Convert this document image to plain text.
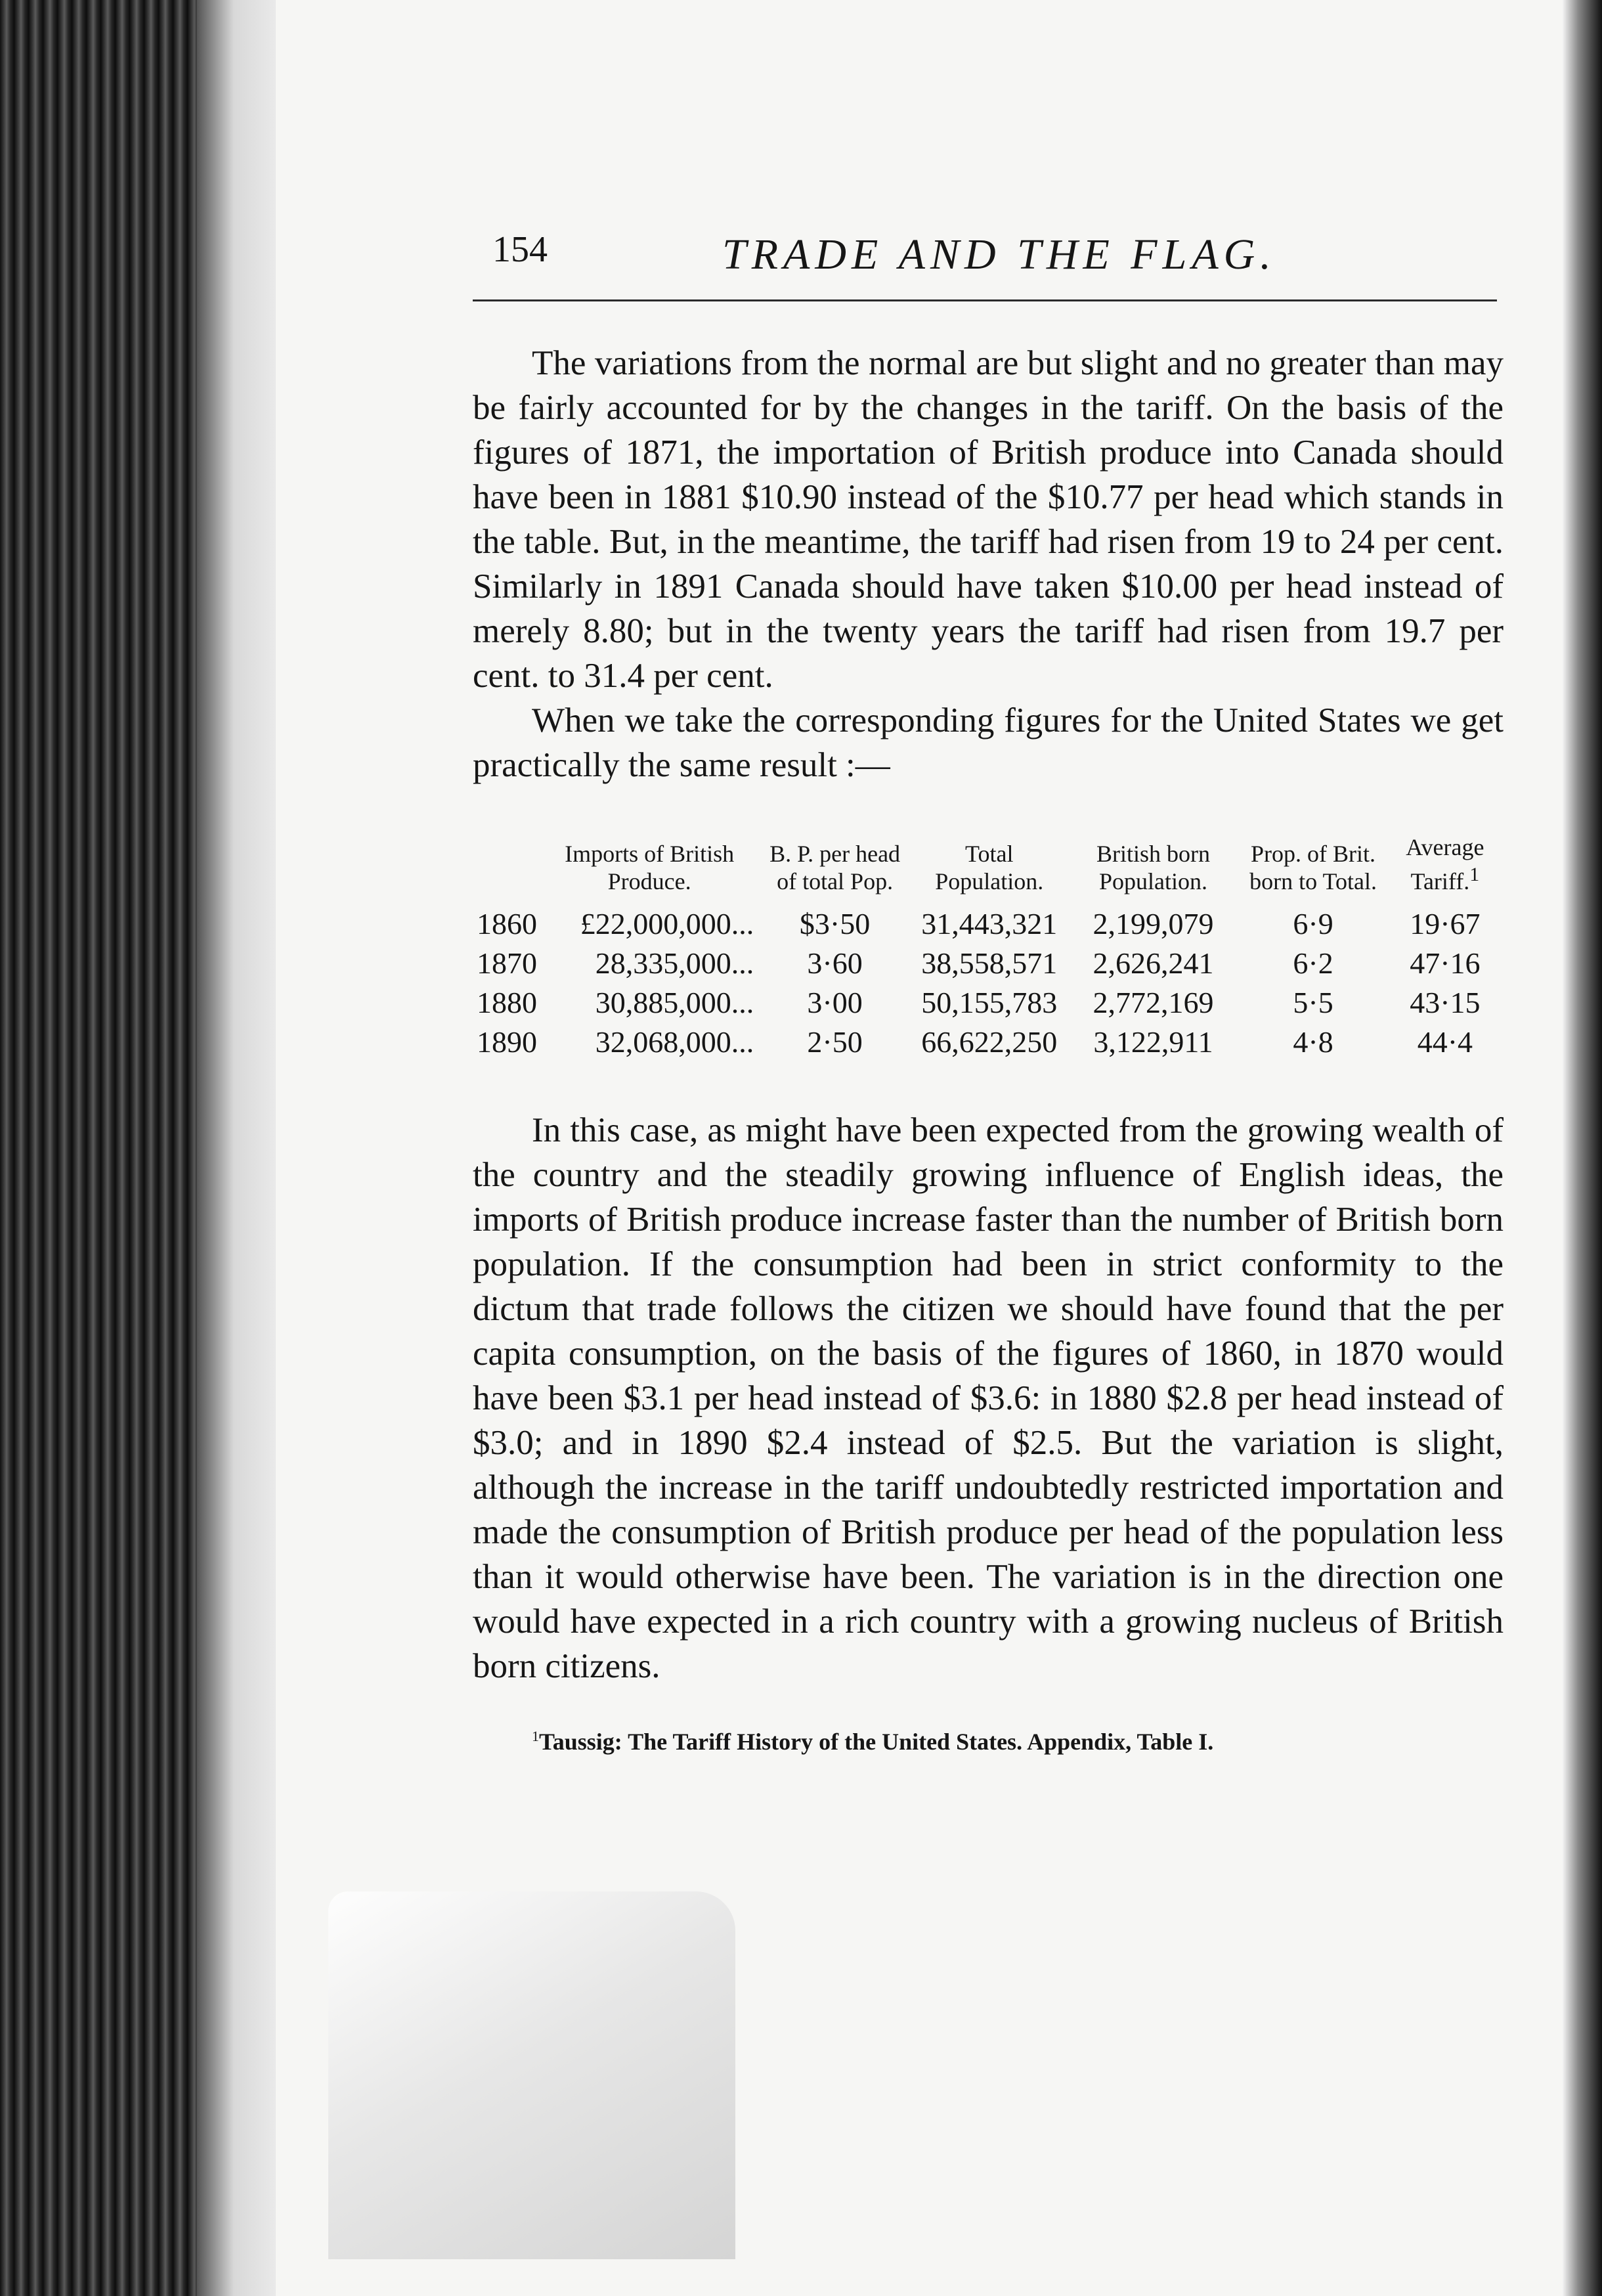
154	TRADE AND THE FLAG.

The variations from the normal are but slight and no greater than may be fairly accounted for by the changes in the tariff. On the basis of the figures of 1871, the importation of British produce into Canada should have been in 1881 $10.90 instead of the $10.77 per head which stands in the table. But, in the meantime, the tariff had risen from 19 to 24 per cent. Similarly in 1891 Canada should have taken $10.00 per head instead of merely 8.80; but in the twenty years the tariff had risen from 19.7 per cent. to 31.4 per cent.

When we take the corresponding figures for the United States we get practically the same result :—

	Imports of British Produce.	B. P. per head of total Pop.	Total Population.	British born Population.	Prop. of Brit. born to Total.	Average Tariff.$^1$
1860	£22,000,000...	$3·50	31,443,321	2,199,079	6·9	19·67
1870	28,335,000...	3·60	38,558,571	2,626,241	6·2	47·16
1880	30,885,000...	3·00	50,155,783	2,772,169	5·5	43·15
1890	32,068,000...	2·50	66,622,250	3,122,911	4·8	44·4

In this case, as might have been expected from the growing wealth of the country and the steadily growing influence of English ideas, the imports of British produce increase faster than the number of British born population. If the consumption had been in strict conformity to the dictum that trade follows the citizen we should have found that the per capita consumption, on the basis of the figures of 1860, in 1870 would have been $3.1 per head instead of $3.6: in 1880 $2.8 per head instead of $3.0; and in 1890 $2.4 instead of $2.5. But the variation is slight, although the increase in the tariff undoubtedly restricted importation and made the consumption of British produce per head of the population less than it would otherwise have been. The variation is in the direction one would have expected in a rich country with a growing nucleus of British born citizens.

$^1$Taussig: The Tariff History of the United States. Appendix, Table I.
